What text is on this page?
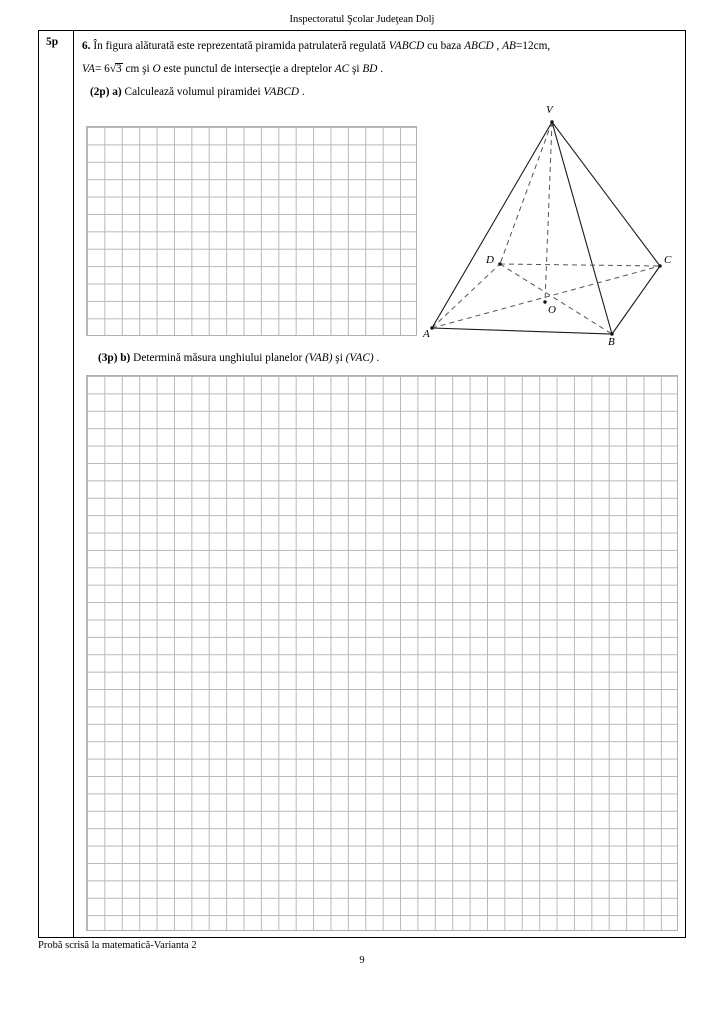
Inspectoratul Şcolar Judeţean Dolj
5p 6. În figura alăturată este reprezentată piramida patrulateră regulată VABCD cu baza ABCD , AB=12cm,
VA= 6√3 cm şi O este punctul de intersecţie a dreptelor AC şi BD .
(2p) a) Calculează volumul piramidei VABCD .
V
A
B
C
D
O
(3p) b) Determină măsura unghiului planelor (VAB) şi (VAC) .
Probă scrisă la matematică-Varianta 2
9
